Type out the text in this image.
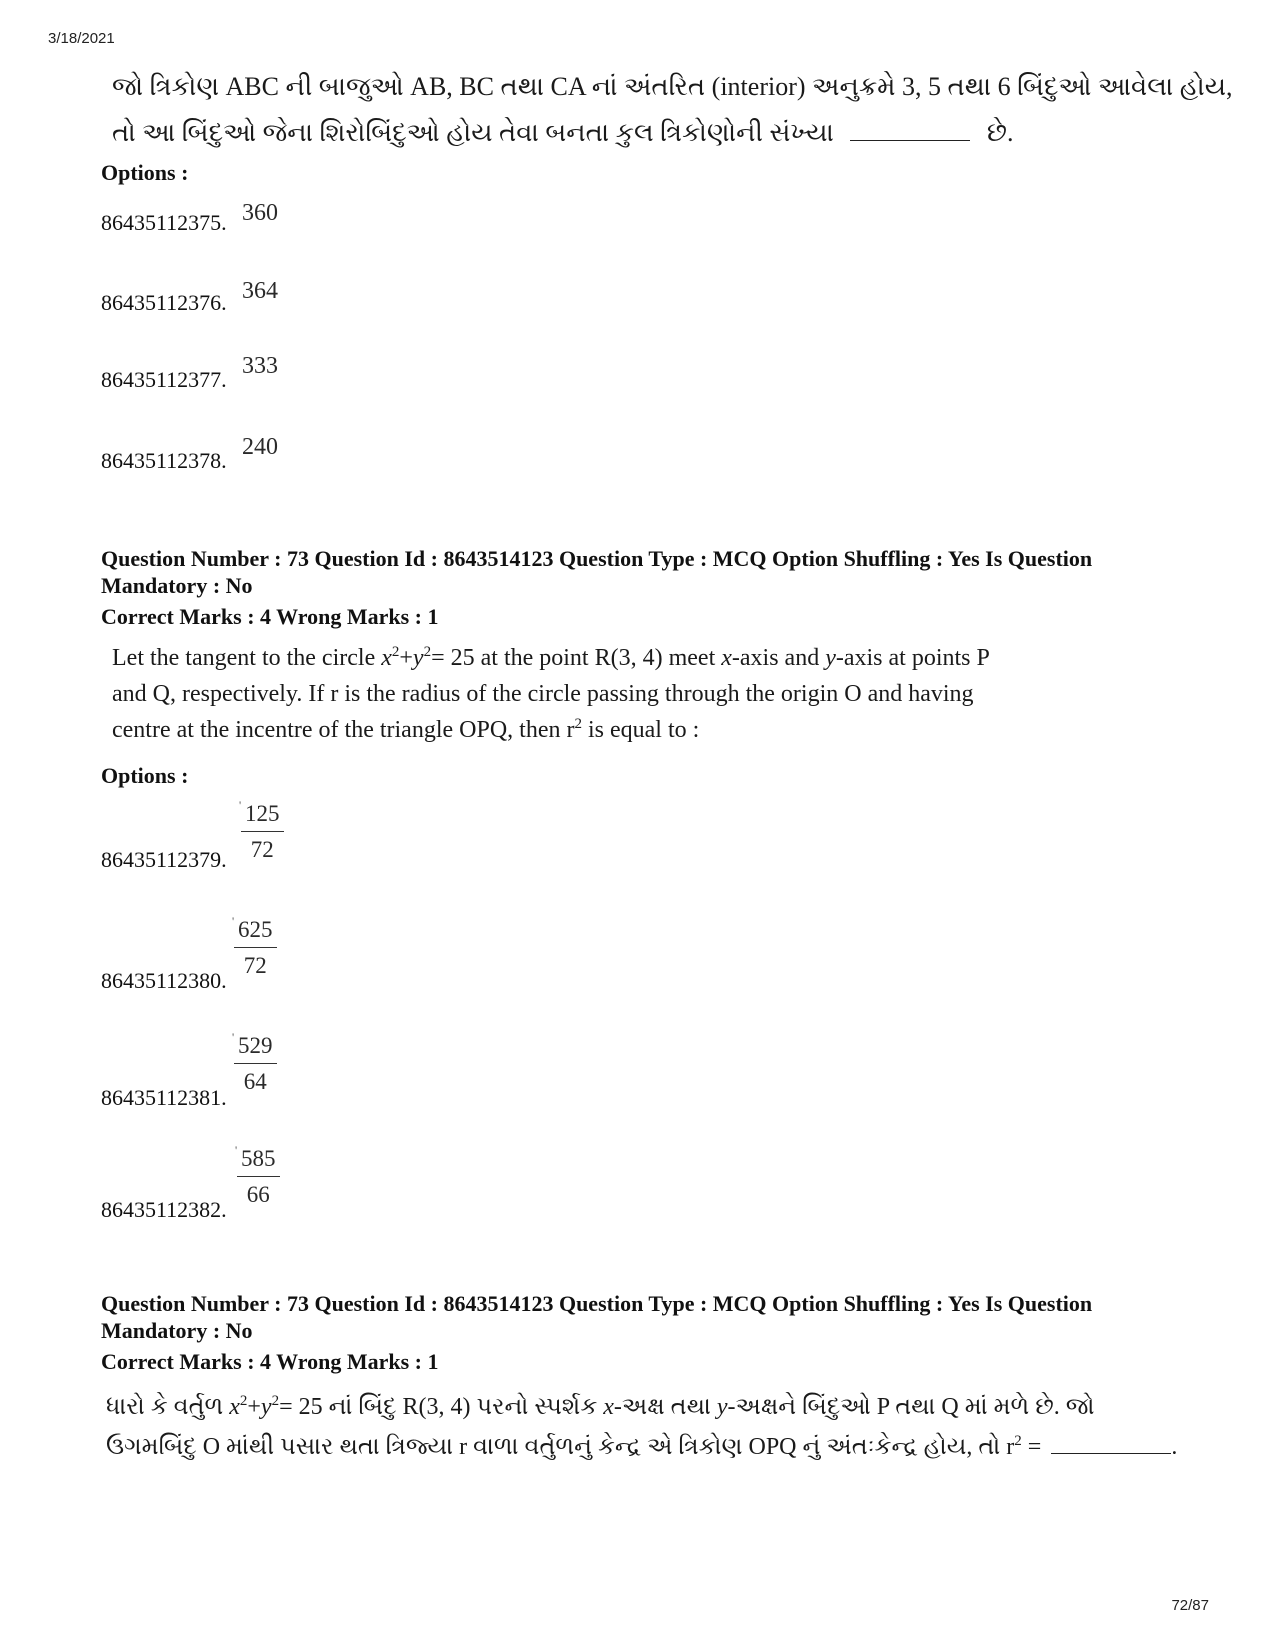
3/18/2021
જો ત્રિકોણ ABC ની બાજુઓ AB, BC તથા CA નાં અંતરિત (interior) અનુક્રમે 3, 5 તથા 6 બિંદુઓ આવેલા હોય,
તો આ બિંદુઓ જેના શિરોબિંદુઓ હોય તેવા બનતા કુલ ત્રિકોણોની સંખ્યા	છે.
Options :
86435112375. 360
86435112376. 364
86435112377.
333
86435112378.
240
Question Number : 73 Question Id : 8643514123 Question Type : MCQ Option Shuffling : Yes Is Question
Mandatory : No
Correct Marks : 4 Wrong Marks : 1
Let the tangent to the circle $x^2+y^2= 25$ at the point R(3, 4) meet x-axis and y-axis at points P
and Q, respectively. If r is the radius of the circle passing through the origin O and having
centre at the incentre of the triangle OPQ, then $r^2$ is equal to :
Options :
' $\frac{125}{72}$
86435112379.
' $\frac{625}{72}$
86435112380.
' $\frac{529}{64}$
86435112381.
' $\frac{585}{66}$
86435112382.
Question Number : 73 Question Id : 8643514123 Question Type : MCQ Option Shuffling : Yes Is Question
Mandatory : No
Correct Marks : 4 Wrong Marks : 1
ધારો કે વર્તુળ $x^2+y^2= 25$ નાં બિંદુ R(3, 4) પરનો સ્પર્શક x-અક્ષ તથા y-અક્ષને બિંદુઓ P તથા Q માં મળે છે. જો
ઉગમબિંદુ O માંથી પસાર થતા ત્રિજ્યા r વાળા વર્તુળનું કેન્દ્ર એ ત્રિકોણ OPQ નું અંતઃકેન્દ્ર હોય, તો $r^2$ =	.
72/87
